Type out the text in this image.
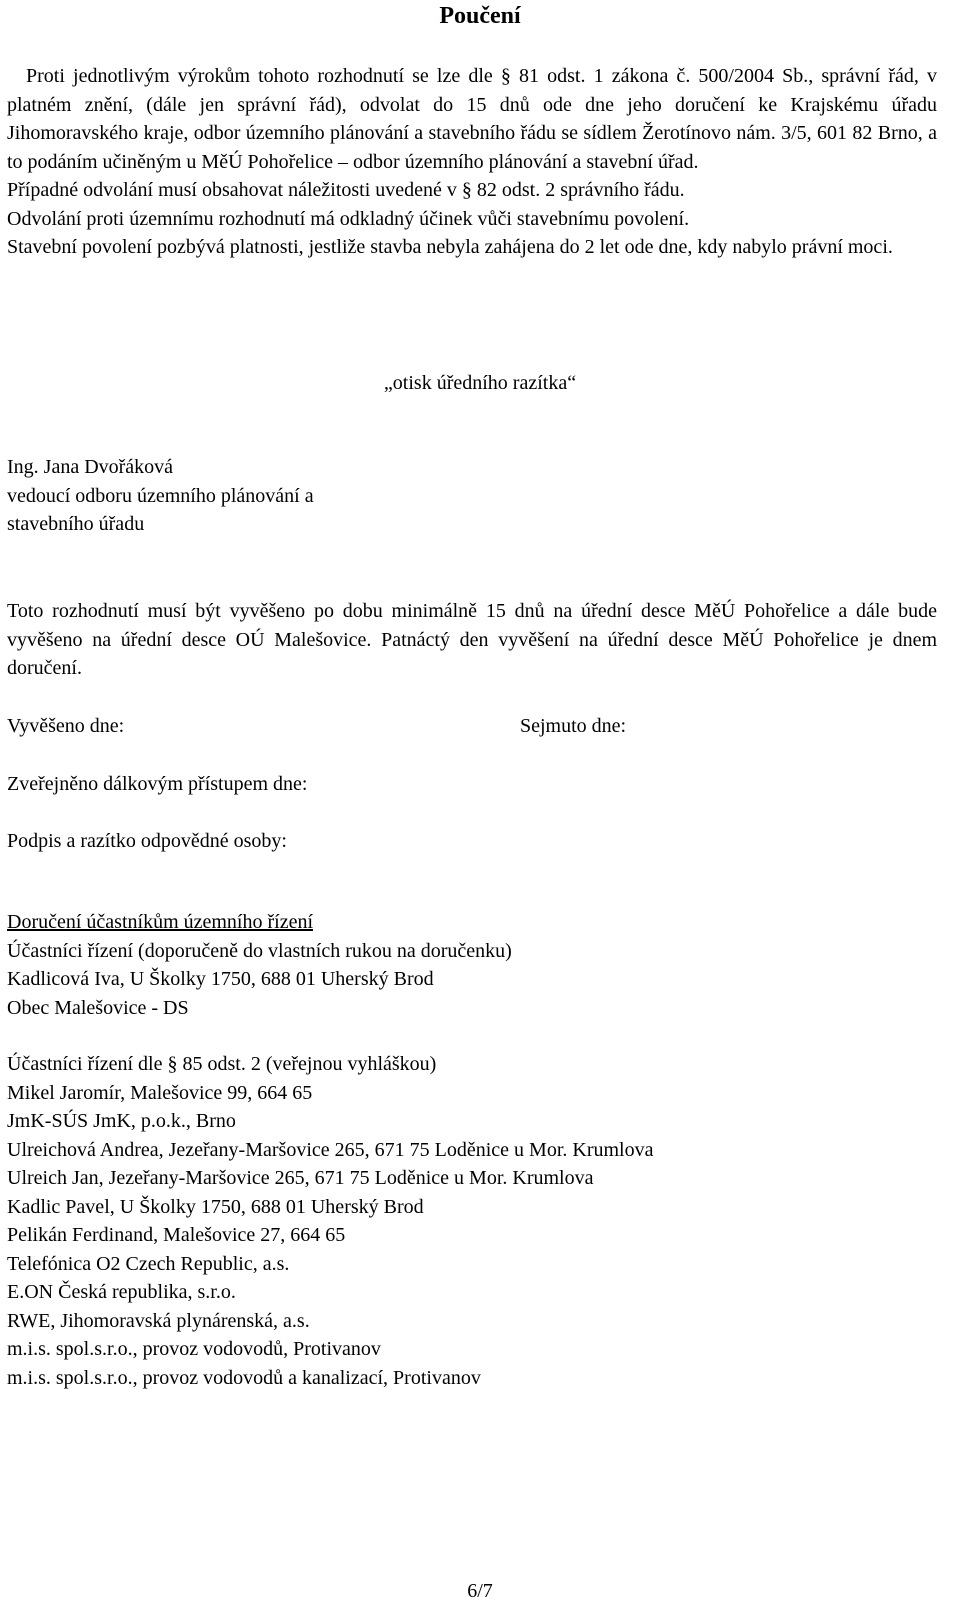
Poučení

Proti jednotlivým výrokům tohoto rozhodnutí se lze dle § 81 odst. 1 zákona č. 500/2004 Sb., správní řád, v platném znění, (dále jen správní řád), odvolat do 15 dnů ode dne jeho doručení ke Krajskému úřadu Jihomoravského kraje, odbor územního plánování a stavebního řádu se sídlem Žerotínovo nám. 3/5, 601 82 Brno, a to podáním učiněným u MěÚ Pohořelice – odbor územního plánování a stavební úřad.

Případné odvolání musí obsahovat náležitosti uvedené v § 82 odst. 2 správního řádu.

Odvolání proti územnímu rozhodnutí má odkladný účinek vůči stavebnímu povolení.

Stavební povolení pozbývá platnosti, jestliže stavba nebyla zahájena do 2 let ode dne, kdy nabylo právní moci.

„otisk úředního razítka“
Ing. Jana Dvořáková
vedoucí odboru územního plánování a
stavebního úřadu
Toto rozhodnutí musí být vyvěšeno po dobu minimálně 15 dnů na úřední desce MěÚ Pohořelice a dále bude vyvěšeno na úřední desce OÚ Malešovice. Patnáctý den vyvěšení na úřední desce MěÚ Pohořelice je dnem doručení.
Vyvěšeno dne:	Sejmuto dne:
Zveřejněno dálkovým přístupem dne:
Podpis a razítko odpovědné osoby:
Doručení účastníkům územního řízení
Účastníci řízení (doporučeně do vlastních rukou na doručenku)
Kadlicová Iva, U Školky 1750, 688 01 Uherský Brod
Obec Malešovice - DS
Účastníci řízení dle § 85 odst. 2 (veřejnou vyhláškou)
Mikel Jaromír, Malešovice 99, 664 65
JmK-SÚS JmK, p.o.k., Brno
Ulreichová Andrea, Jezeřany-Maršovice 265, 671 75 Loděnice u Mor. Krumlova
Ulreich Jan, Jezeřany-Maršovice 265, 671 75 Loděnice u Mor. Krumlova
Kadlic Pavel, U Školky 1750, 688 01 Uherský Brod
Pelikán Ferdinand, Malešovice 27, 664 65
Telefónica O2 Czech Republic, a.s.
E.ON Česká republika, s.r.o.
RWE, Jihomoravská plynárenská, a.s.
m.i.s. spol.s.r.o., provoz vodovodů, Protivanov
m.i.s. spol.s.r.o., provoz vodovodů a kanalizací, Protivanov
6/7
